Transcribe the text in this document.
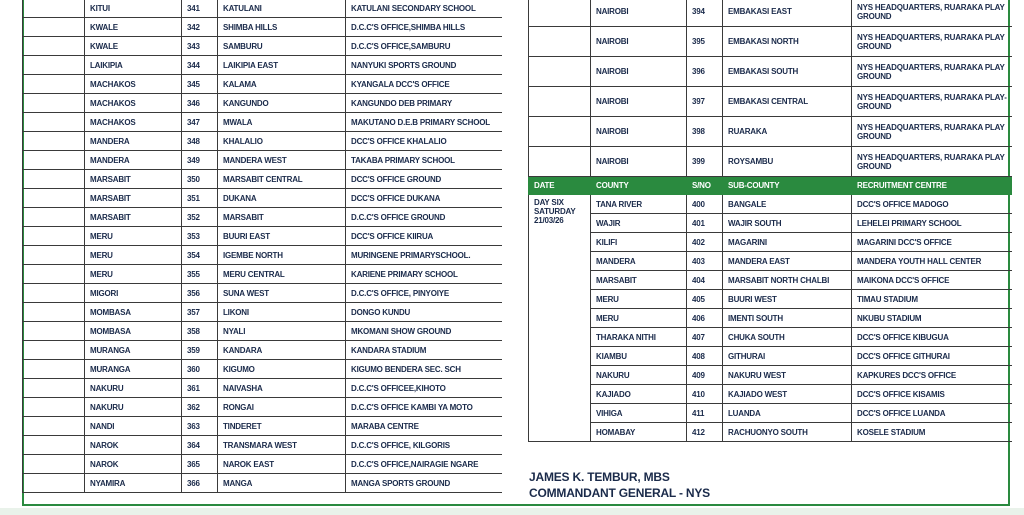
	KITUI	341	KATULANI	KATULANI SECONDARY SCHOOL
	KWALE	342	SHIMBA HILLS	D.C.C'S OFFICE,SHIMBA HILLS
	KWALE	343	SAMBURU	D.C.C'S OFFICE,SAMBURU
	LAIKIPIA	344	LAIKIPIA EAST	NANYUKI SPORTS GROUND
	MACHAKOS	345	KALAMA	KYANGALA DCC'S OFFICE
	MACHAKOS	346	KANGUNDO	KANGUNDO DEB PRIMARY
	MACHAKOS	347	MWALA	MAKUTANO D.E.B PRIMARY SCHOOL
	MANDERA	348	KHALALIO	DCC'S OFFICE KHALALIO
	MANDERA	349	MANDERA WEST	TAKABA PRIMARY SCHOOL
	MARSABIT	350	MARSABIT CENTRAL	DCC'S OFFICE GROUND
	MARSABIT	351	DUKANA	DCC'S OFFICE DUKANA
	MARSABIT	352	MARSABIT	D.C.C'S OFFICE GROUND
	MERU	353	BUURI EAST	DCC'S OFFICE KIIRUA
	MERU	354	IGEMBE NORTH	MURINGENE PRIMARYSCHOOL.
	MERU	355	MERU CENTRAL	KARIENE PRIMARY SCHOOL
	MIGORI	356	SUNA WEST	D.C.C'S OFFICE, PINYOIYE
	MOMBASA	357	LIKONI	DONGO KUNDU
	MOMBASA	358	NYALI	MKOMANI SHOW GROUND
	MURANGA	359	KANDARA	KANDARA STADIUM
	MURANGA	360	KIGUMO	KIGUMO BENDERA SEC. SCH
	NAKURU	361	NAIVASHA	D.C.C'S OFFICEE,KIHOTO
	NAKURU	362	RONGAI	D.C.C'S OFFICE KAMBI YA MOTO
	NANDI	363	TINDERET	MARABA CENTRE
	NAROK	364	TRANSMARA WEST	D.C.C'S OFFICE, KILGORIS
	NAROK	365	NAROK EAST	D.C.C'S OFFICE,NAIRAGIE NGARE
	NYAMIRA	366	MANGA	MANGA SPORTS GROUND
	NAIROBI	394	EMBAKASI EAST	NYS HEADQUARTERS, RUARAKA PLAY GROUND
	NAIROBI	395	EMBAKASI NORTH	NYS HEADQUARTERS, RUARAKA PLAY GROUND
	NAIROBI	396	EMBAKASI SOUTH	NYS HEADQUARTERS, RUARAKA PLAY GROUND
	NAIROBI	397	EMBAKASI CENTRAL	NYS HEADQUARTERS, RUARAKA PLAY-GROUND
	NAIROBI	398	RUARAKA	NYS HEADQUARTERS, RUARAKA PLAY GROUND
	NAIROBI	399	ROYSAMBU	NYS HEADQUARTERS, RUARAKA PLAY GROUND
DATE	COUNTY	S/NO	SUB-COUNTY	RECRUITMENT CENTRE
DAY SIX SATURDAY 21/03/26	TANA RIVER	400	BANGALE	DCC'S OFFICE MADOGO
	WAJIR	401	WAJIR SOUTH	LEHELEI PRIMARY SCHOOL
	KILIFI	402	MAGARINI	MAGARINI DCC'S OFFICE
	MANDERA	403	MANDERA EAST	MANDERA YOUTH HALL CENTER
	MARSABIT	404	MARSABIT NORTH CHALBI	MAIKONA DCC'S OFFICE
	MERU	405	BUURI WEST	TIMAU STADIUM
	MERU	406	IMENTI SOUTH	NKUBU STADIUM
	THARAKA NITHI	407	CHUKA SOUTH	DCC'S OFFICE KIBUGUA
	KIAMBU	408	GITHURAI	DCC'S OFFICE GITHURAI
	NAKURU	409	NAKURU WEST	KAPKURES DCC'S OFFICE
	KAJIADO	410	KAJIADO WEST	DCC'S OFFICE KISAMIS
	VIHIGA	411	LUANDA	DCC'S OFFICE LUANDA
	HOMABAY	412	RACHUONYO SOUTH	KOSELE STADIUM
JAMES K. TEMBUR, MBS
COMMANDANT GENERAL - NYS
